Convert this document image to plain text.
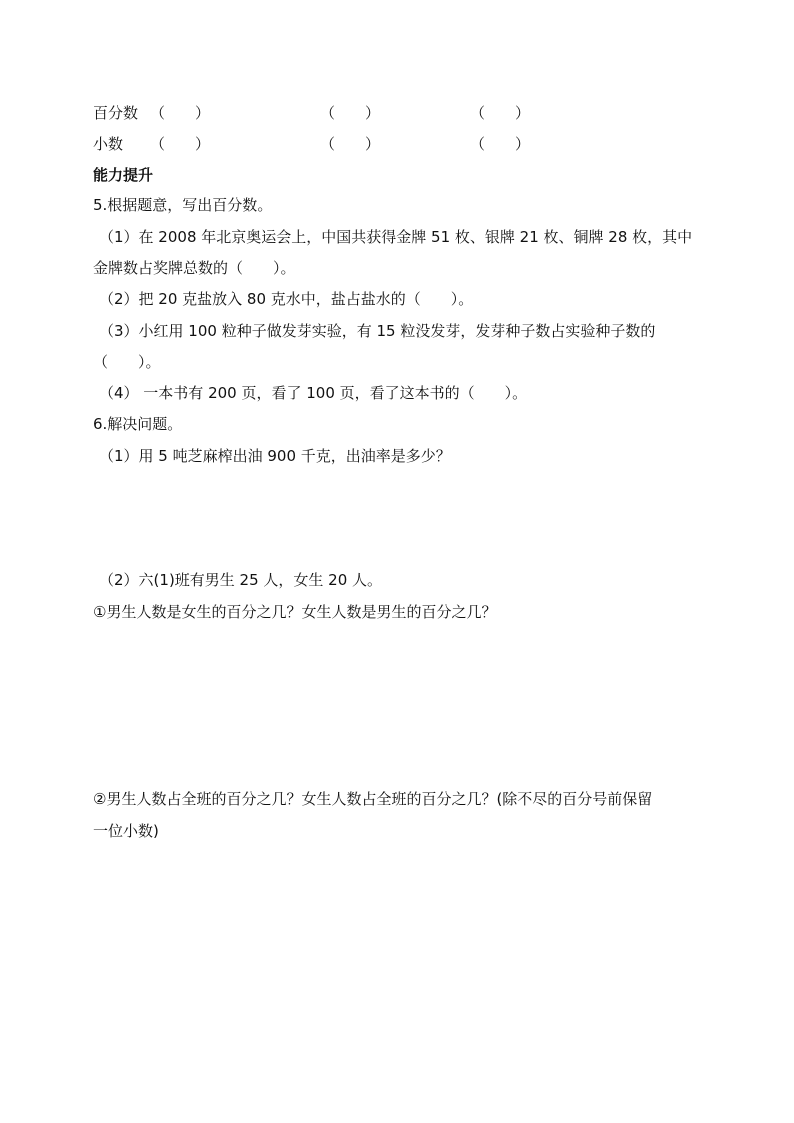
百分数 （　　）	（　　）	（　　）
小数 （　　）	（　　）	（　　）
能力提升
5.根据题意，写出百分数。
（1）在 2008 年北京奥运会上，中国共获得金牌 51 枚、银牌 21 枚、铜牌 28 枚，其中
金牌数占奖牌总数的（　　）。
（2）把 20 克盐放入 80 克水中，盐占盐水的（　　）。
（3）小红用 100 粒种子做发芽实验，有 15 粒没发芽，发芽种子数占实验种子数的
（　　）。
（4） 一本书有 200 页，看了 100 页，看了这本书的（　　）。
6.解决问题。
（1）用 5 吨芝麻榨出油 900 千克，出油率是多少？
（2）六(1)班有男生 25 人，女生 20 人。
①男生人数是女生的百分之几？女生人数是男生的百分之几？
②男生人数占全班的百分之几？女生人数占全班的百分之几？(除不尽的百分号前保留
一位小数)
